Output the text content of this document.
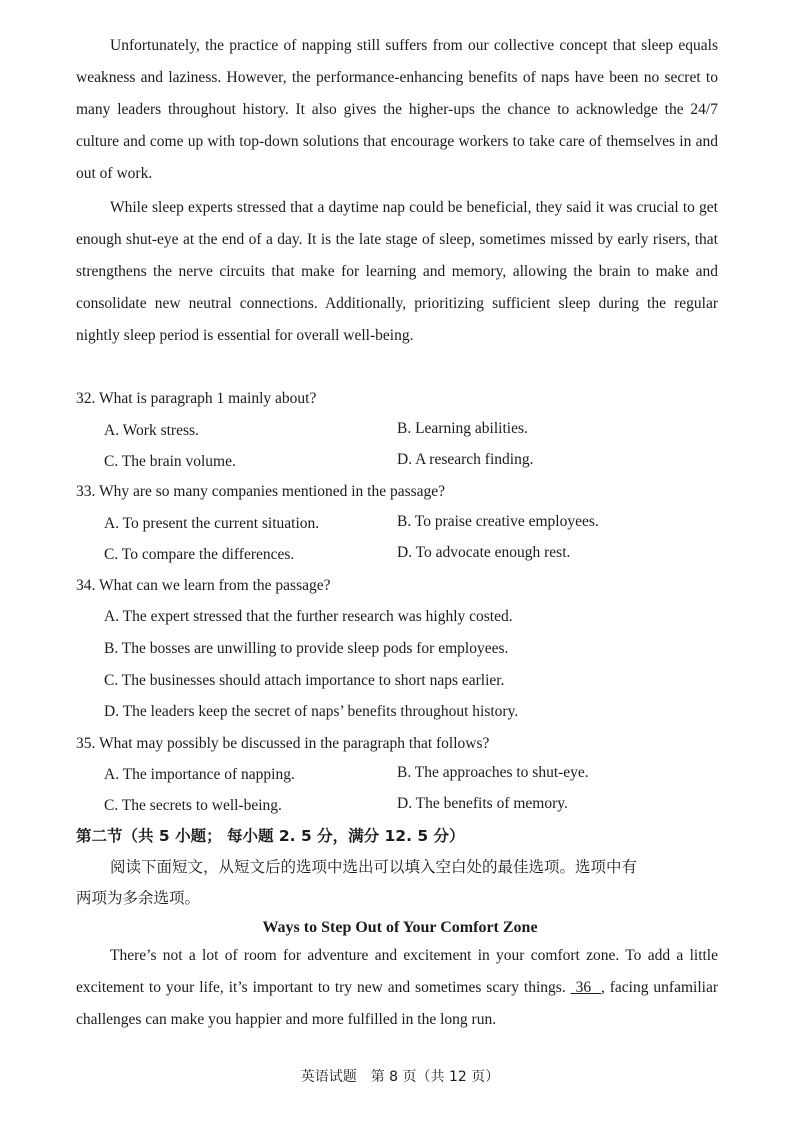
Unfortunately, the practice of napping still suffers from our collective concept that sleep equals weakness and laziness. However, the performance-enhancing benefits of naps have been no secret to many leaders throughout history. It also gives the higher-ups the chance to acknowledge the 24/7 culture and come up with top-down solutions that encourage workers to take care of themselves in and out of work.

While sleep experts stressed that a daytime nap could be beneficial, they said it was crucial to get enough shut-eye at the end of a day. It is the late stage of sleep, sometimes missed by early risers, that strengthens the nerve circuits that make for learning and memory, allowing the brain to make and consolidate new neutral connections. Additionally, prioritizing sufficient sleep during the regular nightly sleep period is essential for overall well-being.

32. What is paragraph 1 mainly about?
A. Work stress.	B. Learning abilities.
C. The brain volume.	D. A research finding.
33. Why are so many companies mentioned in the passage?
A. To present the current situation.	B. To praise creative employees.
C. To compare the differences.	D. To advocate enough rest.
34. What can we learn from the passage?
A. The expert stressed that the further research was highly costed.
B. The bosses are unwilling to provide sleep pods for employees.
C. The businesses should attach importance to short naps earlier.
D. The leaders keep the secret of naps’ benefits throughout history.
35. What may possibly be discussed in the paragraph that follows?
A. The importance of napping.	B. The approaches to shut-eye.
C. The secrets to well-being.	D. The benefits of memory.
第二节（共 5 小题； 每小题 2. 5 分，满分 12. 5 分）
阅读下面短文，从短文后的选项中选出可以填入空白处的最佳选项。选项中有
两项为多余选项。
Ways to Step Out of Your Comfort Zone

There’s not a lot of room for adventure and excitement in your comfort zone. To add a little excitement to your life, it’s important to try new and sometimes scary things. 36 , facing unfamiliar challenges can make you happier and more fulfilled in the long run.

英语试题　第 8 页（共 12 页）
